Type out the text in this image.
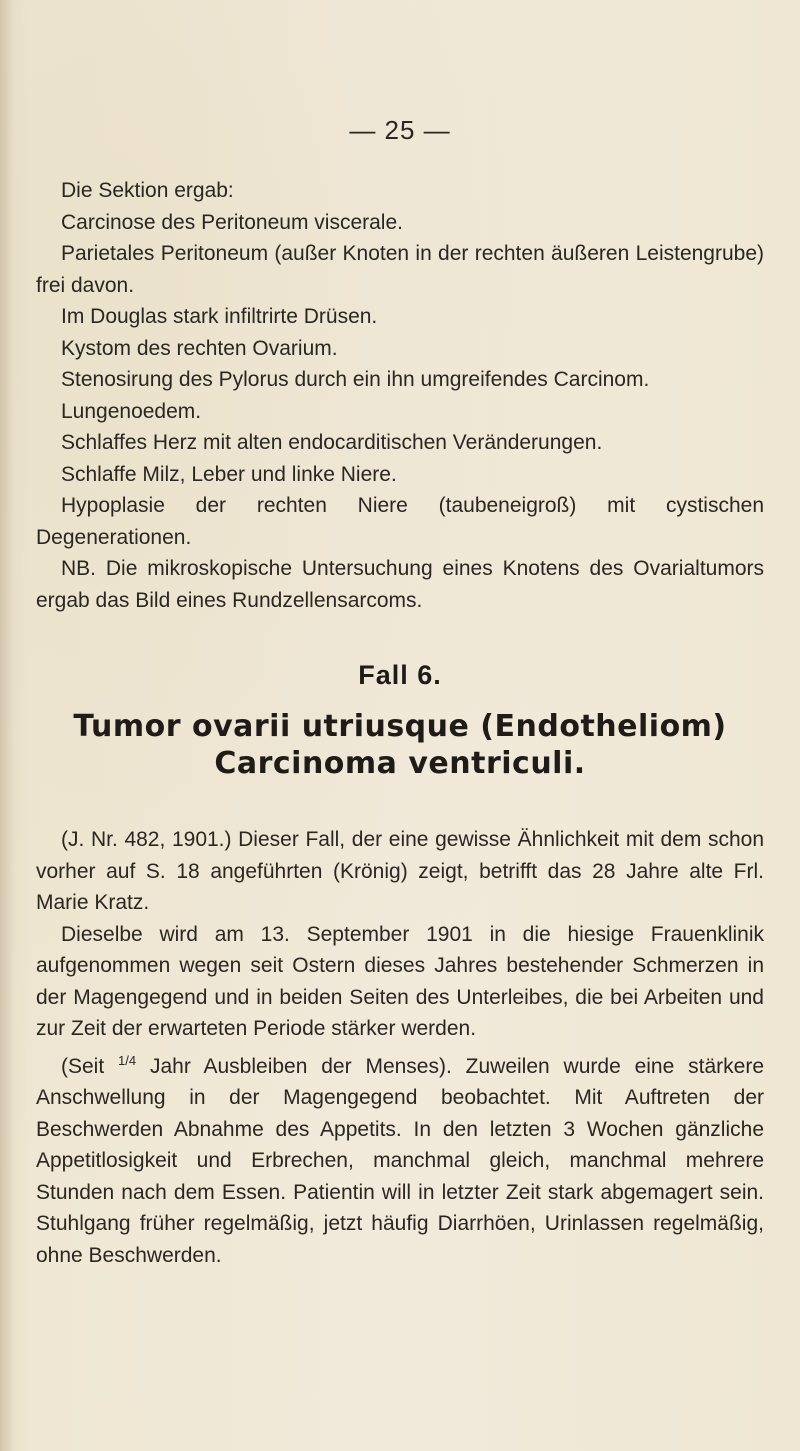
— 25 —

Die Sektion ergab:

Carcinose des Peritoneum viscerale.

Parietales Peritoneum (außer Knoten in der rechten äußeren Leistengrube) frei davon.

Im Douglas stark infiltrirte Drüsen.

Kystom des rechten Ovarium.

Stenosirung des Pylorus durch ein ihn umgreifendes Carcinom.

Lungenoedem.

Schlaffes Herz mit alten endocarditischen Veränderungen.

Schlaffe Milz, Leber und linke Niere.

Hypoplasie der rechten Niere (taubeneigroß) mit cystischen Degenerationen.

NB. Die mikroskopische Untersuchung eines Knotens des Ovarialtumors ergab das Bild eines Rundzellensarcoms.

Fall 6.
Tumor ovarii utriusque (Endotheliom)
Carcinoma ventriculi.

(J. Nr. 482, 1901.) Dieser Fall, der eine gewisse Ähnlichkeit mit dem schon vorher auf S. 18 angeführten (Krönig) zeigt, betrifft das 28 Jahre alte Frl. Marie Kratz.

Dieselbe wird am 13. September 1901 in die hiesige Frauenklinik aufgenommen wegen seit Ostern dieses Jahres bestehender Schmerzen in der Magengegend und in beiden Seiten des Unterleibes, die bei Arbeiten und zur Zeit der erwarteten Periode stärker werden.

(Seit $^{1/4}$ Jahr Ausbleiben der Menses). Zuweilen wurde eine stärkere Anschwellung in der Magengegend beobachtet. Mit Auftreten der Beschwerden Abnahme des Appetits. In den letzten 3 Wochen gänzliche Appetitlosigkeit und Erbrechen, manchmal gleich, manchmal mehrere Stunden nach dem Essen. Patientin will in letzter Zeit stark abgemagert sein. Stuhlgang früher regelmäßig, jetzt häufig Diarrhöen, Urinlassen regelmäßig, ohne Beschwerden.
